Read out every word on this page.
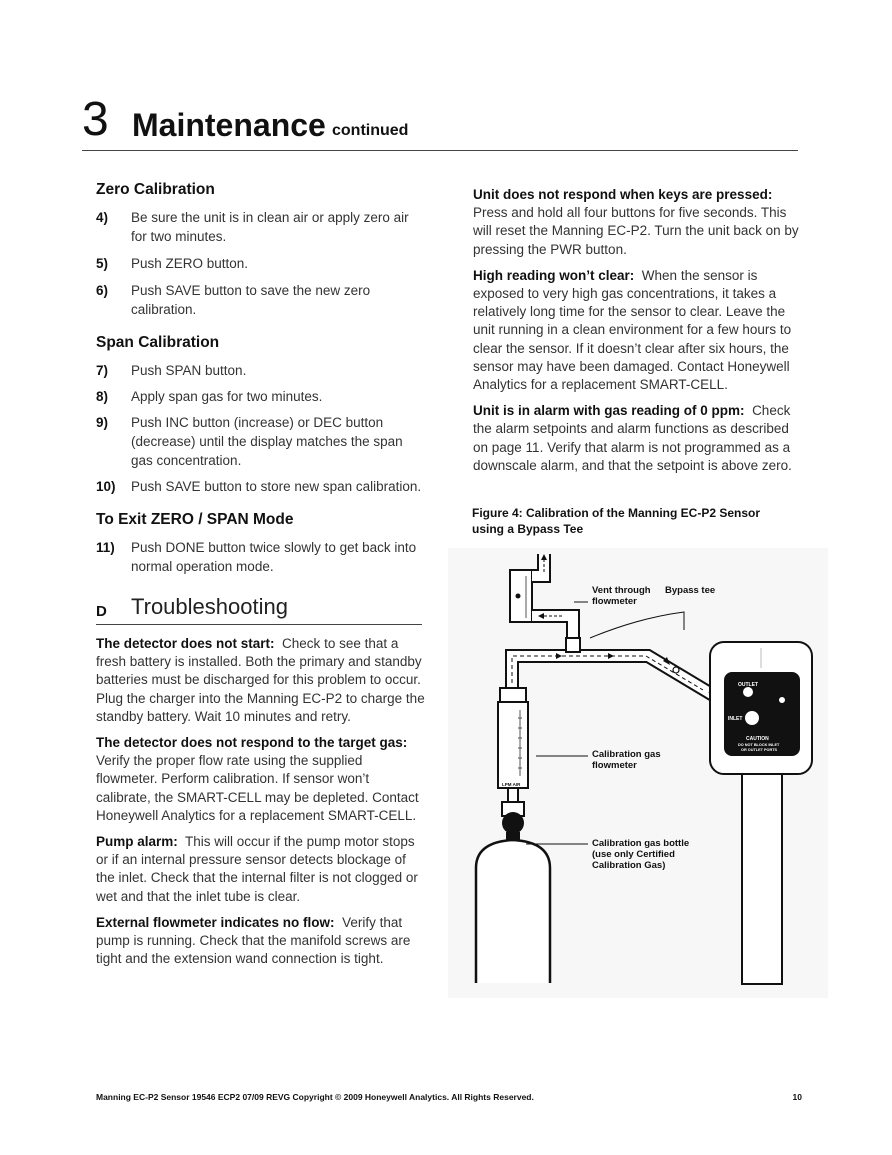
3 Maintenance continued
Zero Calibration
4) Be sure the unit is in clean air or apply zero air for two minutes.
5) Push ZERO button.
6) Push SAVE button to save the new zero calibration.
Span Calibration
7) Push SPAN button.
8) Apply span gas for two minutes.
9) Push INC button (increase) or DEC button (decrease) until the display matches the span gas concentration.
10) Push SAVE button to store new span calibration.
To Exit ZERO / SPAN Mode
11) Push DONE button twice slowly to get back into normal operation mode.
D Troubleshooting

The detector does not start: Check to see that a fresh battery is installed. Both the primary and standby batteries must be discharged for this problem to occur. Plug the charger into the Manning EC-P2 to charge the standby battery. Wait 10 minutes and retry.

The detector does not respond to the target gas: Verify the proper flow rate using the supplied flowmeter. Perform calibration. If sensor won’t calibrate, the SMART-CELL may be depleted. Contact Honeywell Analytics for a replacement SMART-CELL.

Pump alarm: This will occur if the pump motor stops or if an internal pressure sensor detects blockage of the inlet. Check that the internal filter is not clogged or wet and that the inlet tube is clear.

External flowmeter indicates no flow: Verify that pump is running. Check that the manifold screws are tight and the extension wand connection is tight.

Unit does not respond when keys are pressed: Press and hold all four buttons for five seconds. This will reset the Manning EC-P2. Turn the unit back on by pressing the PWR button.

High reading won’t clear: When the sensor is exposed to very high gas concentrations, it takes a relatively long time for the sensor to clear. Leave the unit running in a clean environment for a few hours to clear the sensor. If it doesn’t clear after six hours, the sensor may have been damaged. Contact Honeywell Analytics for a replacement SMART-CELL.

Unit is in alarm with gas reading of 0 ppm: Check the alarm setpoints and alarm functions as described on page 11. Verify that alarm is not programmed as a downscale alarm, and that the setpoint is above zero.

Figure 4: Calibration of the Manning EC-P2 Sensor
using a Bypass Tee
LPM AIR
OUTLET
INLET
CAUTION
DO NOT BLOCK INLET
OR OUTLET PORTS
Vent through
flowmeter
Bypass tee
Calibration gas
flowmeter
Calibration gas bottle
(use only Certified
Calibration Gas)
Manning EC-P2 Sensor 19546 ECP2 07/09 REVG Copyright © 2009 Honeywell Analytics. All Rights Reserved.	10
